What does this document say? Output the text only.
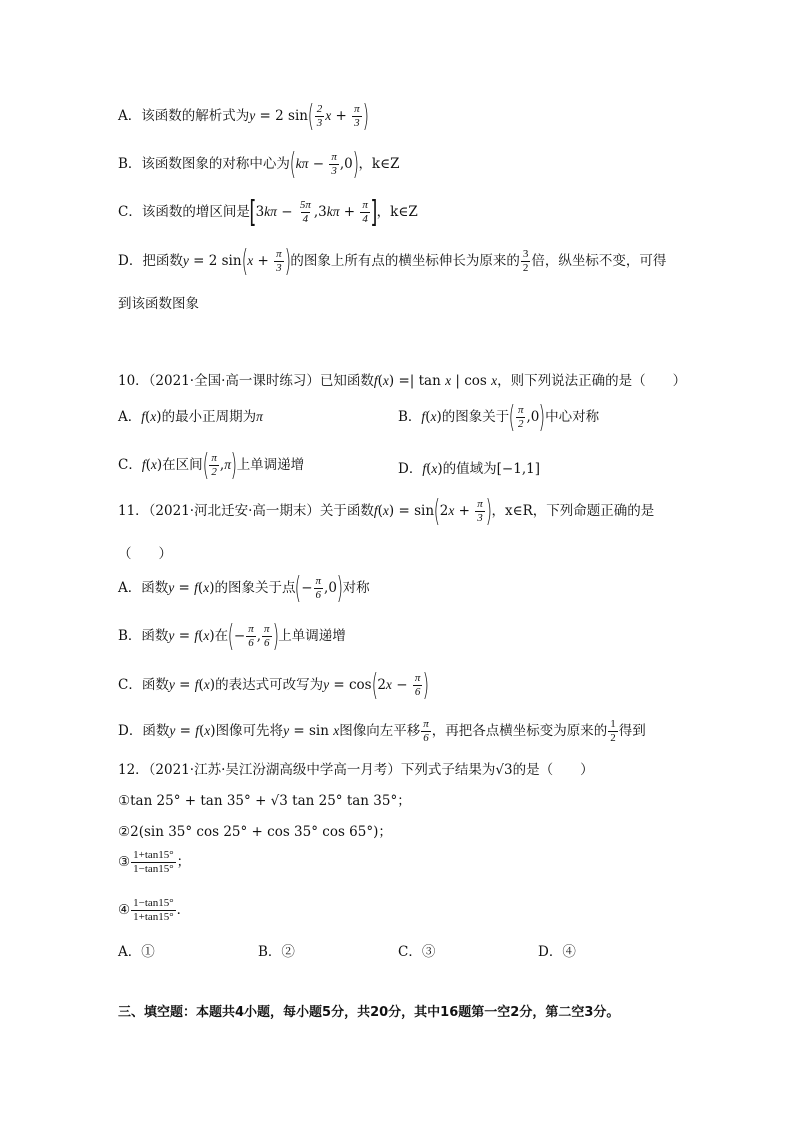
A．该函数的解析式为y = 2 $\sin( \frac{2}{3}$ $x + \frac{\pi}{3}$ )
B．该函数图象的对称中心为$(k\pi - \frac{\pi}{3} ,0)$，k∈Z
C．该函数的增区间是[$3k\pi - \frac{5\pi}{4} ,3k\pi + \frac{\pi}{4}$ ]，k∈Z
D．把函数y = 2 $\sin(x + \frac{\pi}{3}$ )的图象上所有点的横坐标伸长为原来的 $\frac{3}{2}$ 倍，纵坐标不变，可得
到该函数图象
10．（2021·全国·高一课时练习）已知函数f(x) =| tan x | cos x，则下列说法正确的是（　　）
A．f(x)的最小正周期为π	B．f(x)的图象关于( $\frac{\pi}{2} ,0$)中心对称
C．f(x)在区间( $\frac{\pi}{2} ,\pi$)上单调递增	D．f(x)的值域为[−1,1]
11．（2021·河北迁安·高一期末）关于函数$f(x) = \sin(2x + \frac{\pi}{3}$ )，x∈R，下列命题正确的是
（　　）
A．函数y = f(x)的图象关于点(− $\frac{\pi}{6} ,0$)对称
B．函数y = f(x)在(− $\frac{\pi}{6}$ , $\frac{\pi}{6}$ )上单调递增
C．函数y = f(x)的表达式可改写为$y = \cos(2x - \frac{\pi}{6}$ )
D．函数y = f(x)图像可先将y = sin x图像向左平移 $\frac{\pi}{6}$ ，再把各点横坐标变为原来的 $\frac{1}{2}$ 得到
12．（2021·江苏·吴江汾湖高级中学高一月考）下列式子结果为√3的是（　　）
①tan 25° + tan 35° + √3 tan 25° tan 35°；
②2(sin 35° cos 25° + cos 35° cos 65°)；
③ $\frac{1+\tan 15^\circ}{1-\tan 15^\circ}$ ；
④ $\frac{1-\tan 15^\circ}{1+\tan 15^\circ}$ ．
A．①	B．②	C．③	D．④
三、填空题：本题共4小题，每小题5分，共20分，其中16题第一空2分，第二空3分。
